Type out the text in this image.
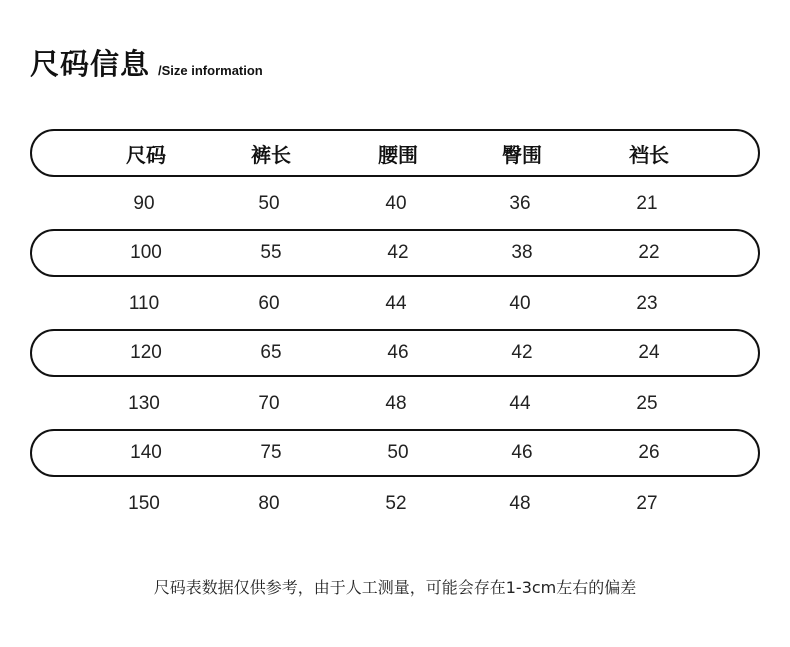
尺码信息 /Size information
尺码	裤长	腰围	臀围	裆长
90	50	40	36	21
100	55	42	38	22
110	60	44	40	23
120	65	46	42	24
130	70	48	44	25
140	75	50	46	26
150	80	52	48	27
尺码表数据仅供参考，由于人工测量，可能会存在1-3cm左右的偏差
